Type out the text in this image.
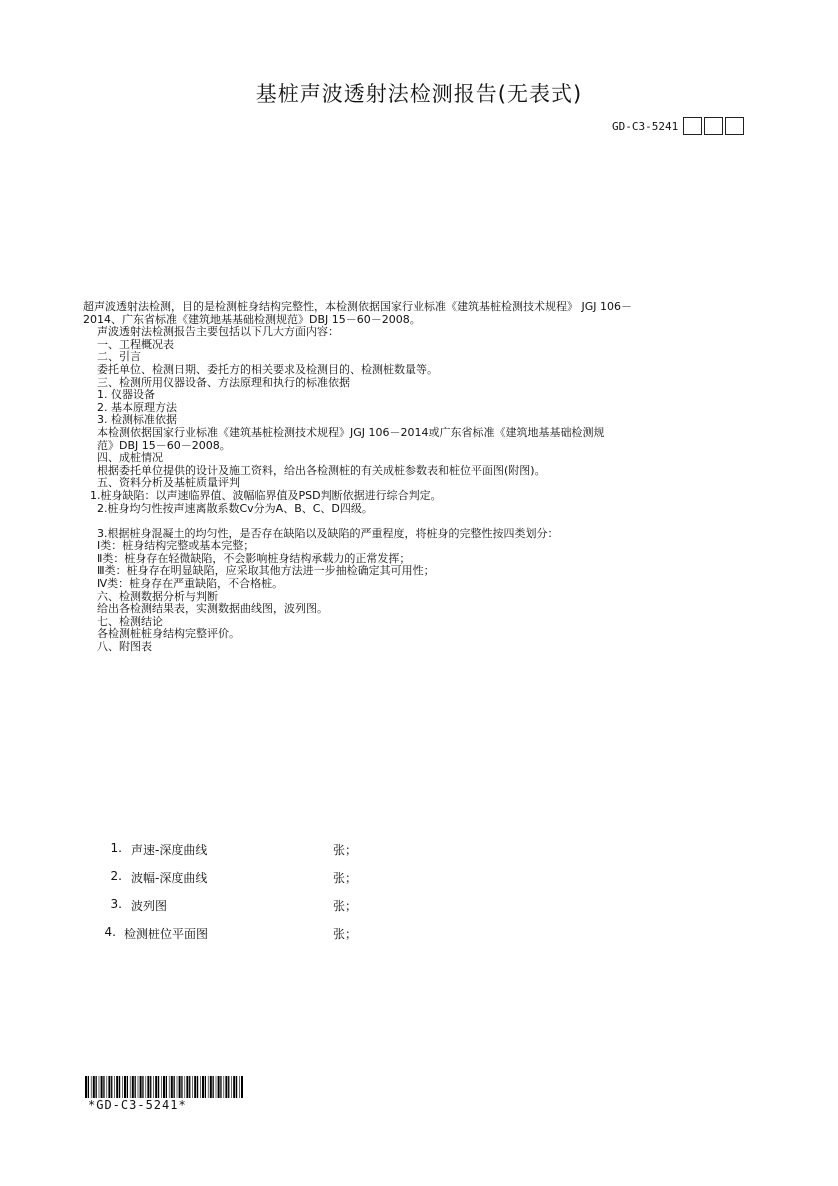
基桩声波透射法检测报告(无表式)
GD-C3-5241
超声波透射法检测，目的是检测桩身结构完整性，本检测依据国家行业标准《建筑基桩检测技术规程》 JGJ 106－
2014、广东省标准《建筑地基基础检测规范》DBJ 15－60－2008。
声波透射法检测报告主要包括以下几大方面内容：
一、工程概况表
二、引言
委托单位、检测日期、委托方的相关要求及检测目的、检测桩数量等。
三、检测所用仪器设备、方法原理和执行的标准依据
1. 仪器设备
2. 基本原理方法
3. 检测标准依据
本检测依据国家行业标准《建筑基桩检测技术规程》JGJ 106－2014或广东省标准《建筑地基基础检测规
范》DBJ 15－60－2008。
四、成桩情况
根据委托单位提供的设计及施工资料，给出各检测桩的有关成桩参数表和桩位平面图(附图)。
五、资料分析及基桩质量评判
1.桩身缺陷：以声速临界值、波幅临界值及PSD判断依据进行综合判定。
2.桩身均匀性按声速离散系数Cv分为A、B、C、D四级。
3.根据桩身混凝土的均匀性，是否存在缺陷以及缺陷的严重程度，将桩身的完整性按四类划分：
Ⅰ类：桩身结构完整或基本完整；
Ⅱ类：桩身存在轻微缺陷，不会影响桩身结构承载力的正常发挥；
Ⅲ类：桩身存在明显缺陷，应采取其他方法进一步抽检确定其可用性；
Ⅳ类：桩身存在严重缺陷，不合格桩。
六、检测数据分析与判断
给出各检测结果表，实测数据曲线图，波列图。
七、检测结论
各检测桩桩身结构完整评价。
八、附图表
1. 声速-深度曲线	张；
2. 波幅-深度曲线	张；
3. 波列图	张；
4. 检测桩位平面图	张；
*GD-C3-5241*
